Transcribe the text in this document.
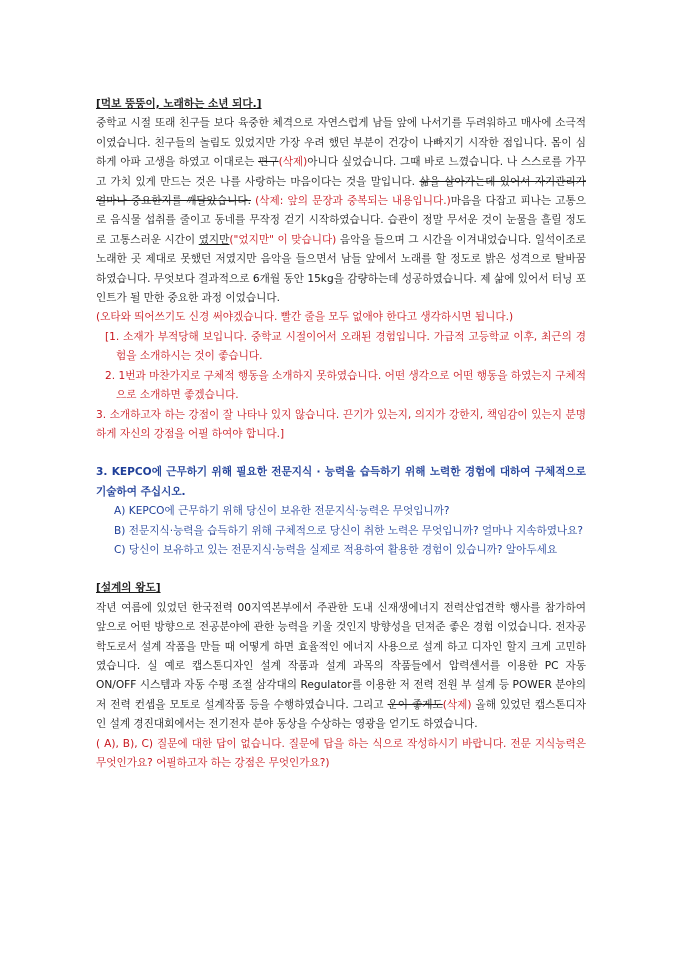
[먹보 뚱뚱이, 노래하는 소년 되다.]

중학교 시절 또래 친구들 보다 육중한 체격으로 자연스럽게 남들 앞에 나서기를 두려워하고 매사에 소극적 이였습니다. 친구들의 놀림도 있었지만 가장 우려 했던 부분이 건강이 나빠지기 시작한 점입니다. 몸이 심하게 아파 고생을 하였고 이대로는 편구(삭제)아니다 싶었습니다. 그때 바로 느꼈습니다. 나 스스로를 가꾸고 가치 있게 만드는 것은 나를 사랑하는 마음이다는 것을 말입니다. 삶을 살아가는데 있어서 자기관리가 얼마나 중요한지를 깨달았습니다. (삭제: 앞의 문장과 중복되는 내용입니다.)마음을 다잡고 피나는 고통으로 음식물 섭취를 줄이고 동네를 무작정 걷기 시작하였습니다. 습관이 정말 무서운 것이 눈물을 흘릴 정도로 고통스러운 시간이 였지만("었지만" 이 맞습니다) 음악을 들으며 그 시간을 이겨내었습니다. 일석이조로 노래한 곳 제대로 못했던 저였지만 음악을 들으면서 남들 앞에서 노래를 할 정도로 밝은 성격으로 탈바꿈 하였습니다. 무엇보다 결과적으로 6개월 동안 15kg을 감량하는데 성공하였습니다. 제 삶에 있어서 터닝 포인트가 될 만한 중요한 과정 이었습니다.

(오타와 띄어쓰기도 신경 써야겠습니다. 빨간 줄을 모두 없애야 한다고 생각하시면 됩니다.)

[1. 소재가 부적당해 보입니다. 중학교 시절이어서 오래된 경험입니다. 가급적 고등학교 이후, 최근의 경험을 소개하시는 것이 좋습니다.

2. 1번과 마찬가지로 구체적 행동을 소개하지 못하였습니다. 어떤 생각으로 어떤 행동을 하였는지 구체적으로 소개하면 좋겠습니다.

3. 소개하고자 하는 강점이 잘 나타나 있지 않습니다. 끈기가 있는지, 의지가 강한지, 책임감이 있는지 분명하게 자신의 강점을 어필 하여야 합니다.]

3. KEPCO에 근무하기 위해 필요한 전문지식 · 능력을 습득하기 위해 노력한 경험에 대하여 구체적으로 기술하여 주십시오.

A) KEPCO에 근무하기 위해 당신이 보유한 전문지식·능력은 무엇입니까?

B) 전문지식·능력을 습득하기 위해 구체적으로 당신이 취한 노력은 무엇입니까? 얼마나 지속하였나요?

C) 당신이 보유하고 있는 전문지식·능력을 실제로 적용하여 활용한 경험이 있습니까? 알아두세요

[설계의 왕도]

작년 여름에 있었던 한국전력 00지역본부에서 주관한 도내 신재생에너지 전력산업견학 행사를 참가하여 앞으로 어떤 방향으로 전공분야에 관한 능력을 키울 것인지 방향성을 던져준 좋은 경험 이었습니다. 전자공학도로서 설계 작품을 만들 때 어떻게 하면 효율적인 에너지 사용으로 설계 하고 디자인 할지 크게 고민하였습니다. 실 예로 캡스톤디자인 설계 작품과 설계 과목의 작품들에서 압력센서를 이용한 PC 자동 ON/OFF 시스템과 자동 수평 조절 삼각대의 Regulator를 이용한 저 전력 전원 부 설계 등 POWER 분야의 저 전력 컨셉을 모토로 설계작품 등을 수행하였습니다. 그리고 운이 좋게도(삭제) 올해 있었던 캡스톤디자인 설계 경진대회에서는 전기전자 분야 동상을 수상하는 영광을 얻기도 하였습니다.

( A), B), C) 질문에 대한 답이 없습니다. 질문에 답을 하는 식으로 작성하시기 바랍니다. 전문 지식능력은 무엇인가요? 어필하고자 하는 강점은 무엇인가요?)
